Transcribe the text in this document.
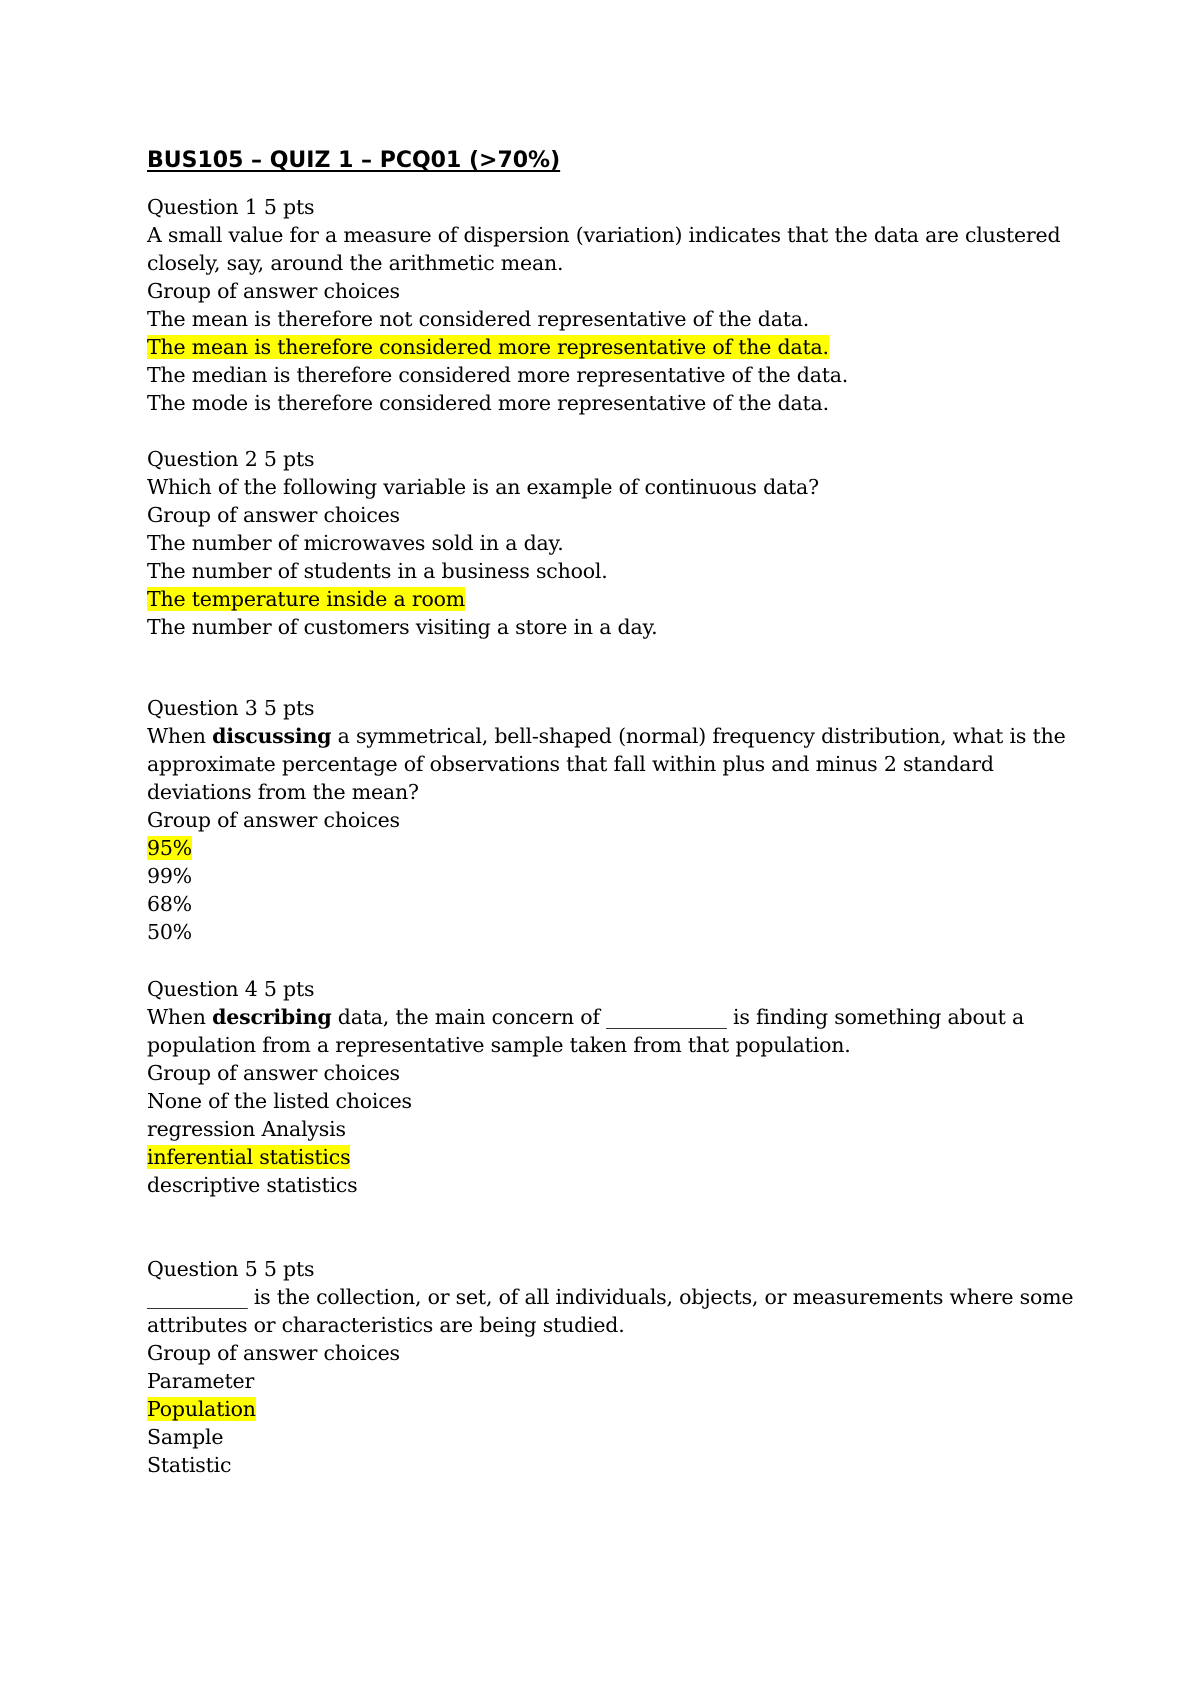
BUS105 – QUIZ 1 – PCQ01 (>70%)
Question 1 5 pts
A small value for a measure of dispersion (variation) indicates that the data are clustered closely, say, around the arithmetic mean.
Group of answer choices
The mean is therefore not considered representative of the data.
The mean is therefore considered more representative of the data.
The median is therefore considered more representative of the data.
The mode is therefore considered more representative of the data.
Question 2 5 pts
Which of the following variable is an example of continuous data?
Group of answer choices
The number of microwaves sold in a day.
The number of students in a business school.
The temperature inside a room
The number of customers visiting a store in a day.
Question 3 5 pts
When discussing a symmetrical, bell-shaped (normal) frequency distribution, what is the approximate percentage of observations that fall within plus and minus 2 standard deviations from the mean?
Group of answer choices
95%
99%
68%
50%
Question 4 5 pts
When describing data, the main concern of ____________ is finding something about a population from a representative sample taken from that population.
Group of answer choices
None of the listed choices
regression Analysis
inferential statistics
descriptive statistics
Question 5 5 pts
__________ is the collection, or set, of all individuals, objects, or measurements where some attributes or characteristics are being studied.
Group of answer choices
Parameter
Population
Sample
Statistic
